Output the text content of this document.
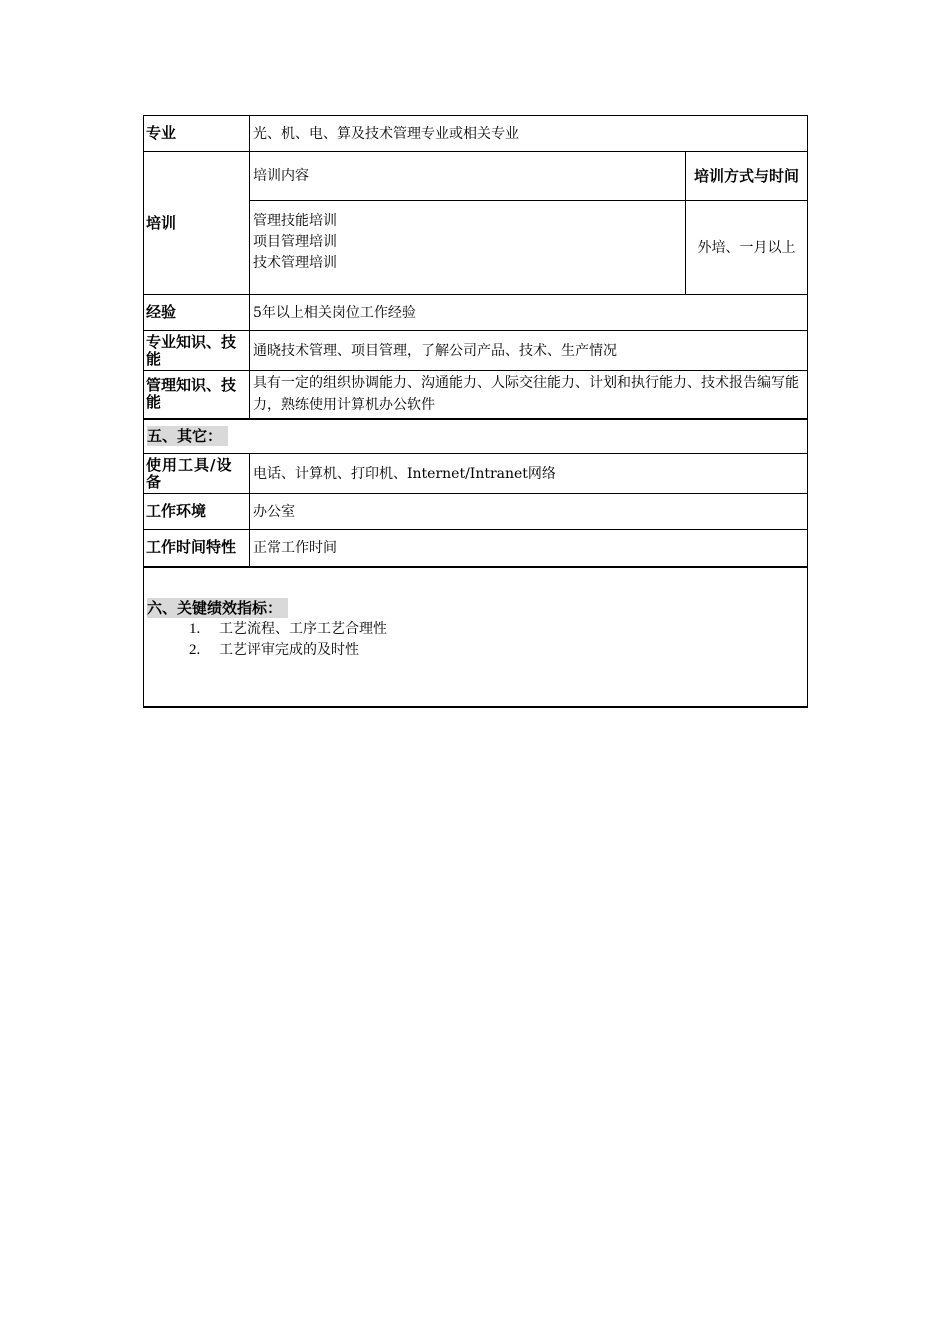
专业	光、机、电、算及技术管理专业或相关专业	
培训	培训内容	培训方式与时间

	管理技能培训
项目管理培训
技术管理培训	外培、一月以上
经验	5年以上相关岗位工作经验	
专业知识、技能	通晓技术管理、项目管理，了解公司产品、技术、生产情况	
管理知识、技能	具有一定的组织协调能力、沟通能力、人际交往能力、计划和执行能力、技术报告编写能力，熟练使用计算机办公软件	
五、其它：		
使用工具/设备	电话、计算机、打印机、Internet/Intranet网络	
工作环境	办公室	
工作时间特性	正常工作时间	

六、关键绩效指标：
1. 工艺流程、工序工艺合理性
2. 工艺评审完成的及时性		
